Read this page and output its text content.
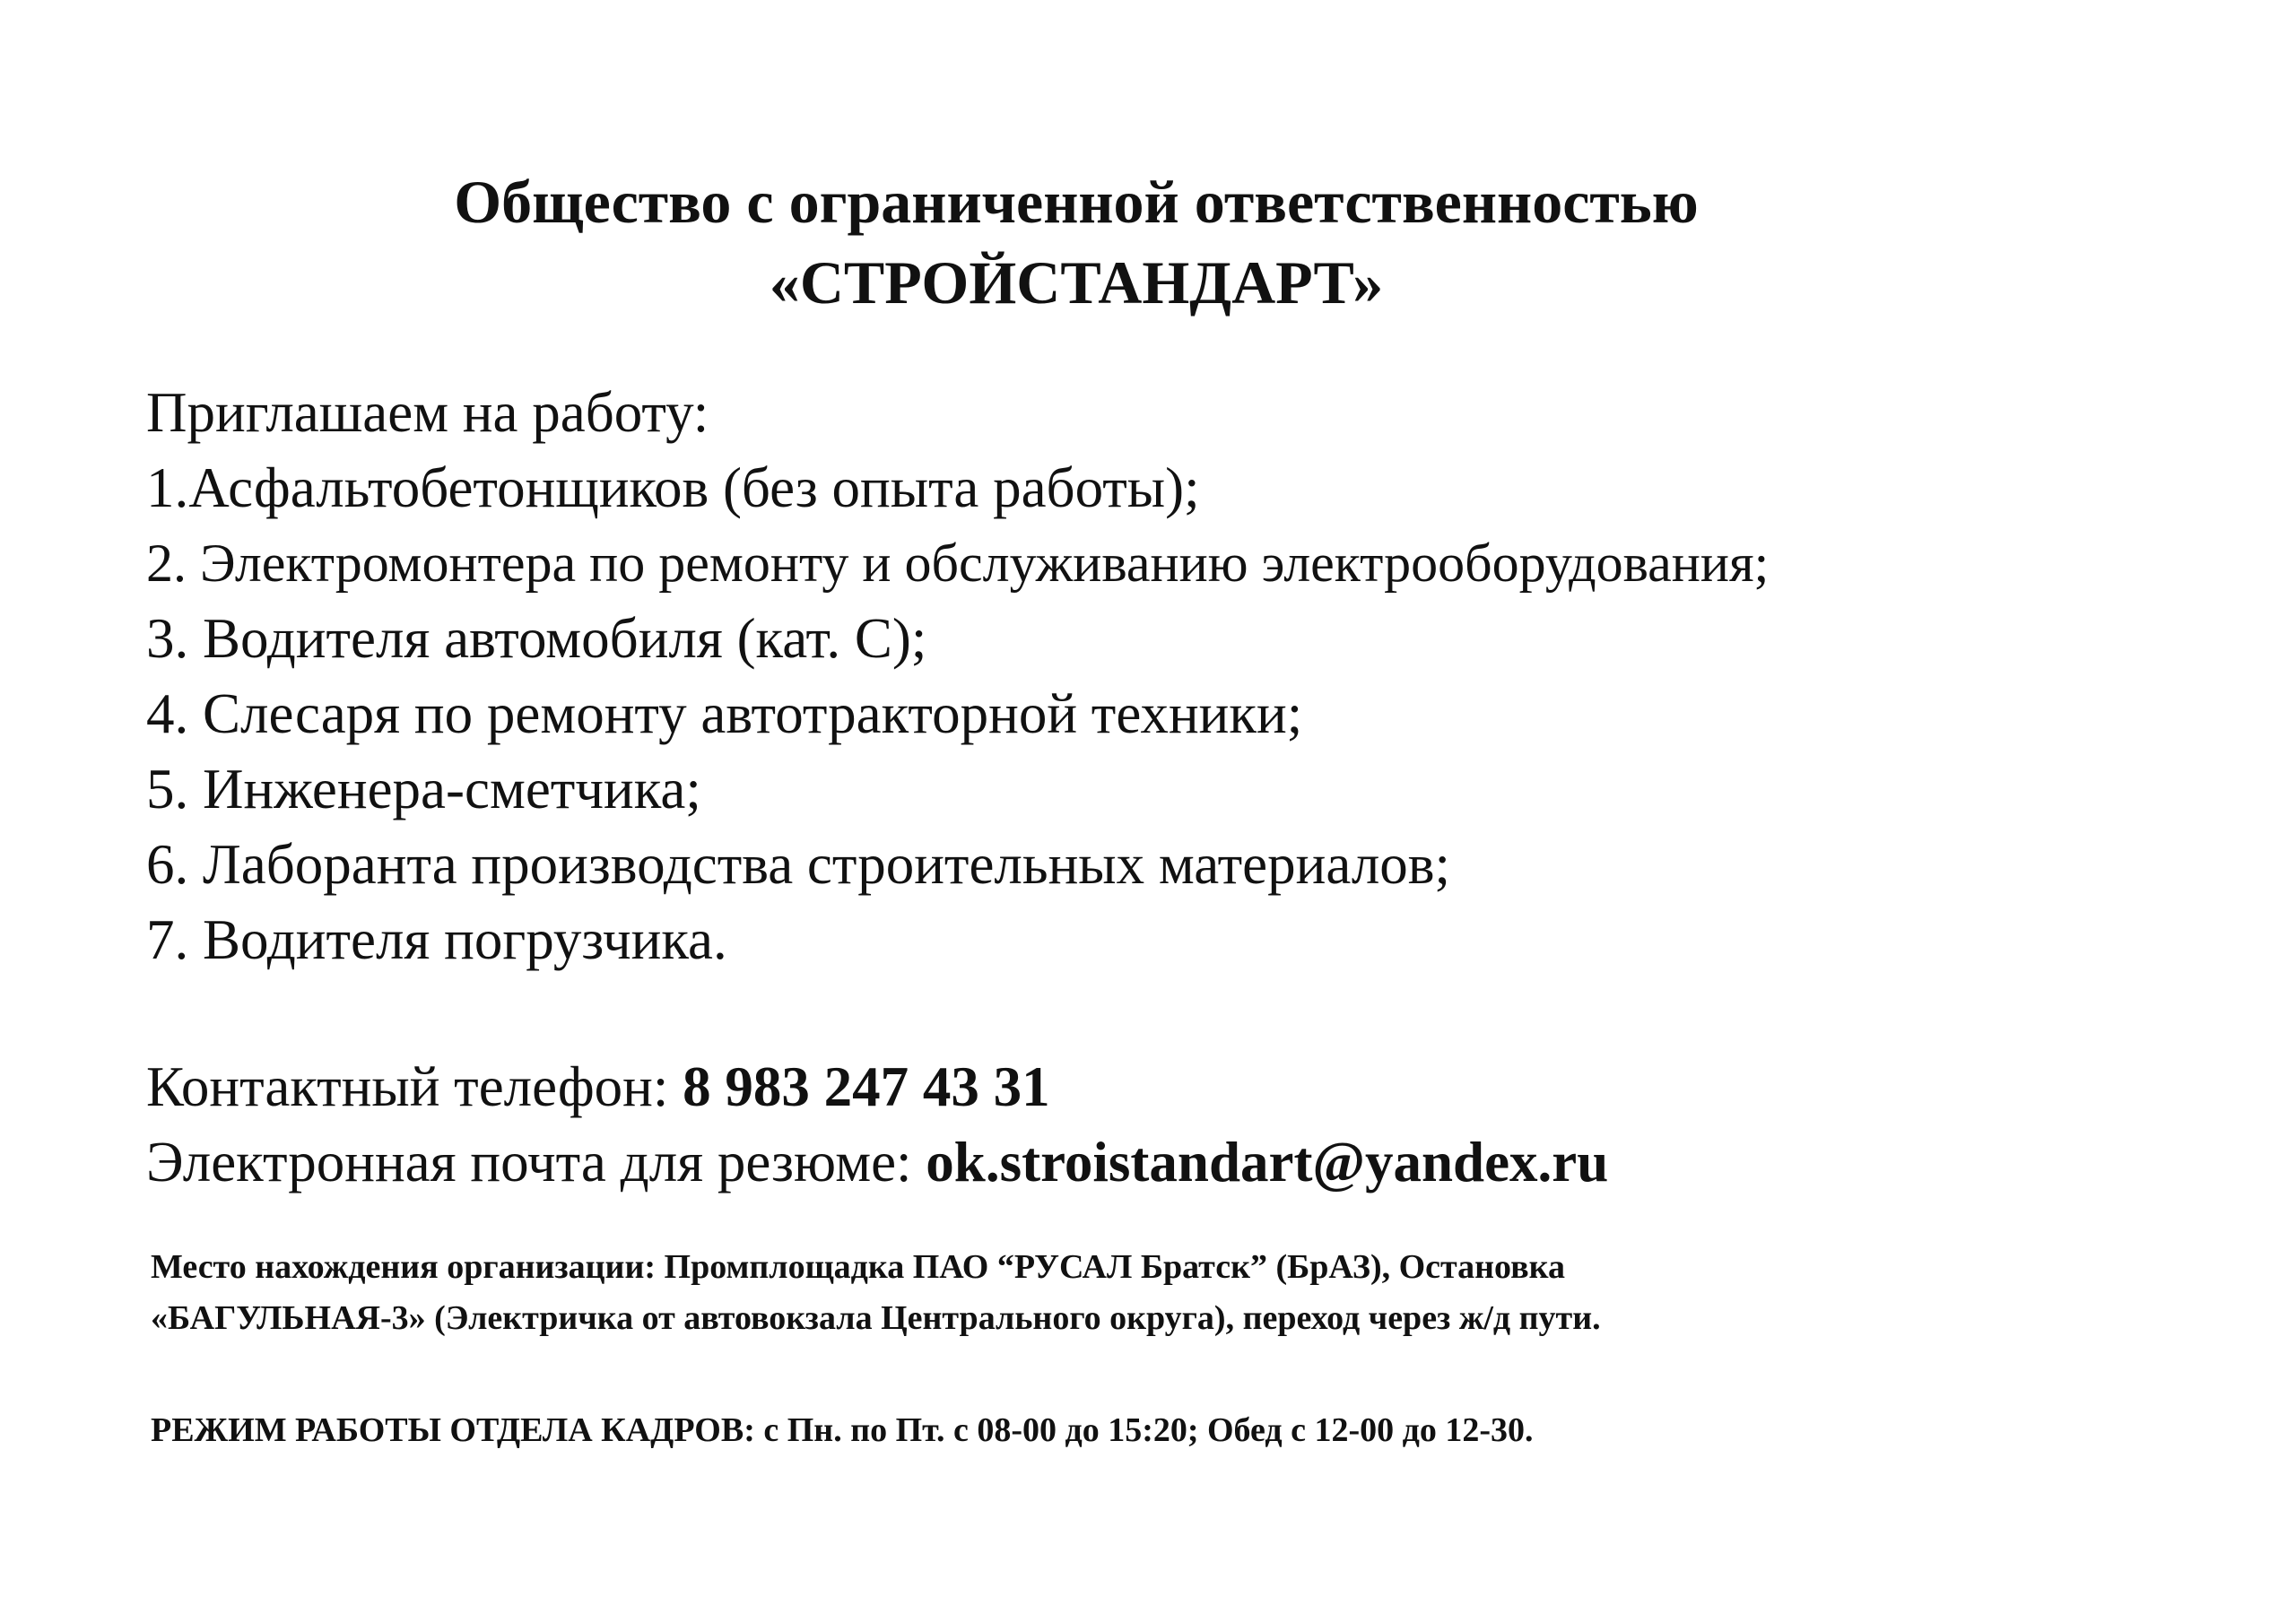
Общество с ограниченной ответственностью
«СТРОЙСТАНДАРТ»
Приглашаем на работу:
1.Асфальтобетонщиков (без опыта работы);
2. Электромонтера по ремонту и обслуживанию электрооборудования;
3. Водителя автомобиля (кат. С);
4. Слесаря по ремонту автотракторной техники;
5. Инженера-сметчика;
6. Лаборанта производства строительных материалов;
7. Водителя погрузчика.
Контактный телефон: 8 983 247 43 31
Электронная почта для резюме: ok.stroistandart@yandex.ru
Место нахождения организации: Промплощадка ПАО “РУСАЛ Братск” (БрАЗ), Остановка
«БАГУЛЬНАЯ-3» (Электричка от автовокзала Центрального округа), переход через ж/д пути.
РЕЖИМ РАБОТЫ ОТДЕЛА КАДРОВ: с Пн. по Пт. с 08-00 до 15:20; Обед с 12-00 до 12-30.
